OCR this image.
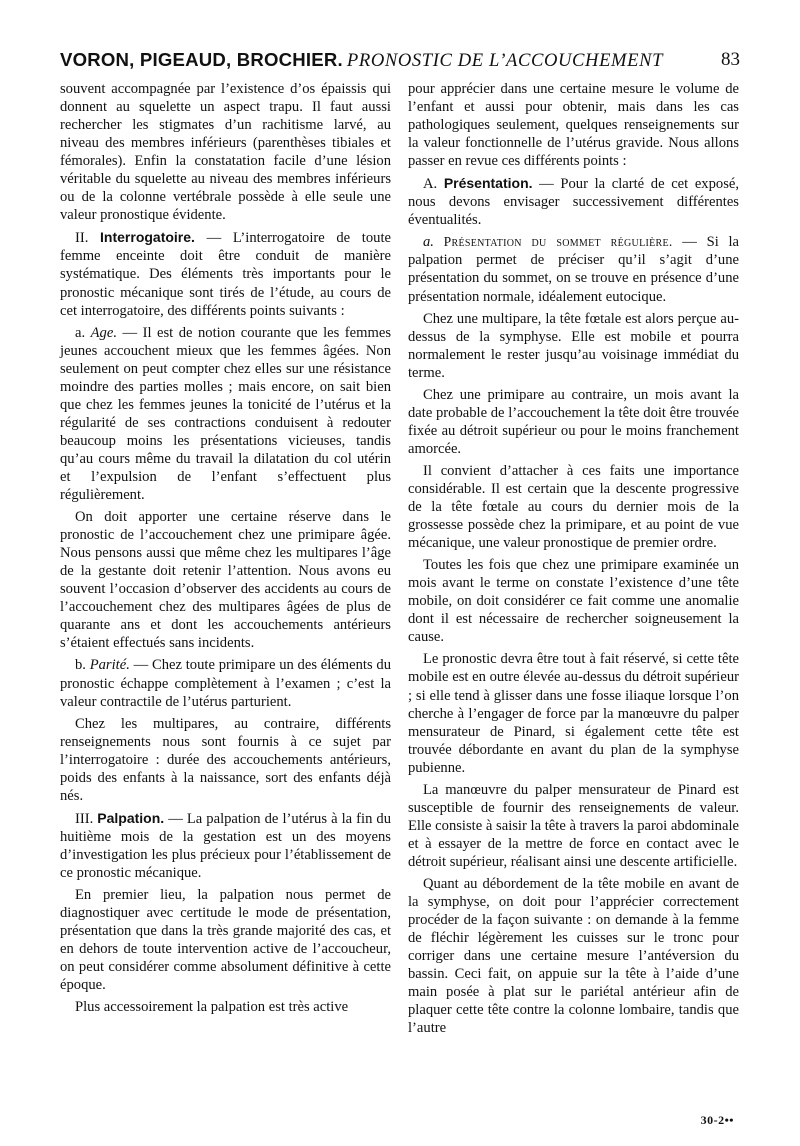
VORON, PIGEAUD, BROCHIER. PRONOSTIC DE L’ACCOUCHEMENT	83

souvent accompagnée par l’existence d’os épaissis qui donnent au squelette un aspect trapu. Il faut aussi rechercher les stigmates d’un rachitisme larvé, au niveau des membres inférieurs (parenthèses tibiales et fémorales). Enfin la constatation facile d’une lésion véritable du squelette au niveau des membres inférieurs ou de la colonne vertébrale possède à elle seule une valeur pronostique évidente.

II. Interrogatoire. — L’interrogatoire de toute femme enceinte doit être conduit de manière systématique. Des éléments très importants pour le pronostic mécanique sont tirés de l’étude, au cours de cet interrogatoire, des différents points suivants :

a. Age. — Il est de notion courante que les femmes jeunes accouchent mieux que les femmes âgées. Non seulement on peut compter chez elles sur une résistance moindre des parties molles ; mais encore, on sait bien que chez les femmes jeunes la tonicité de l’utérus et la régularité de ses contractions conduisent à redouter beaucoup moins les présentations vicieuses, tandis qu’au cours même du travail la dilatation du col utérin et l’expulsion de l’enfant s’effectuent plus régulièrement.

On doit apporter une certaine réserve dans le pronostic de l’accouchement chez une primipare âgée. Nous pensons aussi que même chez les multipares l’âge de la gestante doit retenir l’attention. Nous avons eu souvent l’occasion d’observer des accidents au cours de l’accouchement chez des multipares âgées de plus de quarante ans et dont les accouchements antérieurs s’étaient effectués sans incidents.

b. Parité. — Chez toute primipare un des éléments du pronostic échappe complètement à l’examen ; c’est la valeur contractile de l’utérus parturient.

Chez les multipares, au contraire, différents renseignements nous sont fournis à ce sujet par l’interrogatoire : durée des accouchements antérieurs, poids des enfants à la naissance, sort des enfants déjà nés.

III. Palpation. — La palpation de l’utérus à la fin du huitième mois de la gestation est un des moyens d’investigation les plus précieux pour l’établissement de ce pronostic mécanique.

En premier lieu, la palpation nous permet de diagnostiquer avec certitude le mode de présentation, présentation que dans la très grande majorité des cas, et en dehors de toute intervention active de l’accoucheur, on peut considérer comme absolument définitive à cette époque.

Plus accessoirement la palpation est très active

pour apprécier dans une certaine mesure le volume de l’enfant et aussi pour obtenir, mais dans les cas pathologiques seulement, quelques renseignements sur la valeur fonctionnelle de l’utérus gravide. Nous allons passer en revue ces différents points :

A. Présentation. — Pour la clarté de cet exposé, nous devons envisager successivement différentes éventualités.

a. Présentation du sommet régulière. — Si la palpation permet de préciser qu’il s’agit d’une présentation du sommet, on se trouve en présence d’une présentation normale, idéalement eutocique.

Chez une multipare, la tête fœtale est alors perçue au-dessus de la symphyse. Elle est mobile et pourra normalement le rester jusqu’au voisinage immédiat du terme.

Chez une primipare au contraire, un mois avant la date probable de l’accouchement la tête doit être trouvée fixée au détroit supérieur ou pour le moins franchement amorcée.

Il convient d’attacher à ces faits une importance considérable. Il est certain que la descente progressive de la tête fœtale au cours du dernier mois de la grossesse possède chez la primipare, et au point de vue mécanique, une valeur pronostique de premier ordre.

Toutes les fois que chez une primipare examinée un mois avant le terme on constate l’existence d’une tête mobile, on doit considérer ce fait comme une anomalie dont il est nécessaire de rechercher soigneusement la cause.

Le pronostic devra être tout à fait réservé, si cette tête mobile est en outre élevée au-dessus du détroit supérieur ; si elle tend à glisser dans une fosse iliaque lorsque l’on cherche à l’engager de force par la manœuvre du palper mensurateur de Pinard, si également cette tête est trouvée débordante en avant du plan de la symphyse pubienne.

La manœuvre du palper mensurateur de Pinard est susceptible de fournir des renseignements de valeur. Elle consiste à saisir la tête à travers la paroi abdominale et à essayer de la mettre de force en contact avec le détroit supérieur, réalisant ainsi une descente artificielle.

Quant au débordement de la tête mobile en avant de la symphyse, on doit pour l’apprécier correctement procéder de la façon suivante : on demande à la femme de fléchir légèrement les cuisses sur le tronc pour corriger dans une certaine mesure l’antéversion du bassin. Ceci fait, on appuie sur la tête à l’aide d’une main posée à plat sur le pariétal antérieur afin de plaquer cette tête contre la colonne lombaire, tandis que l’autre

30-2••
